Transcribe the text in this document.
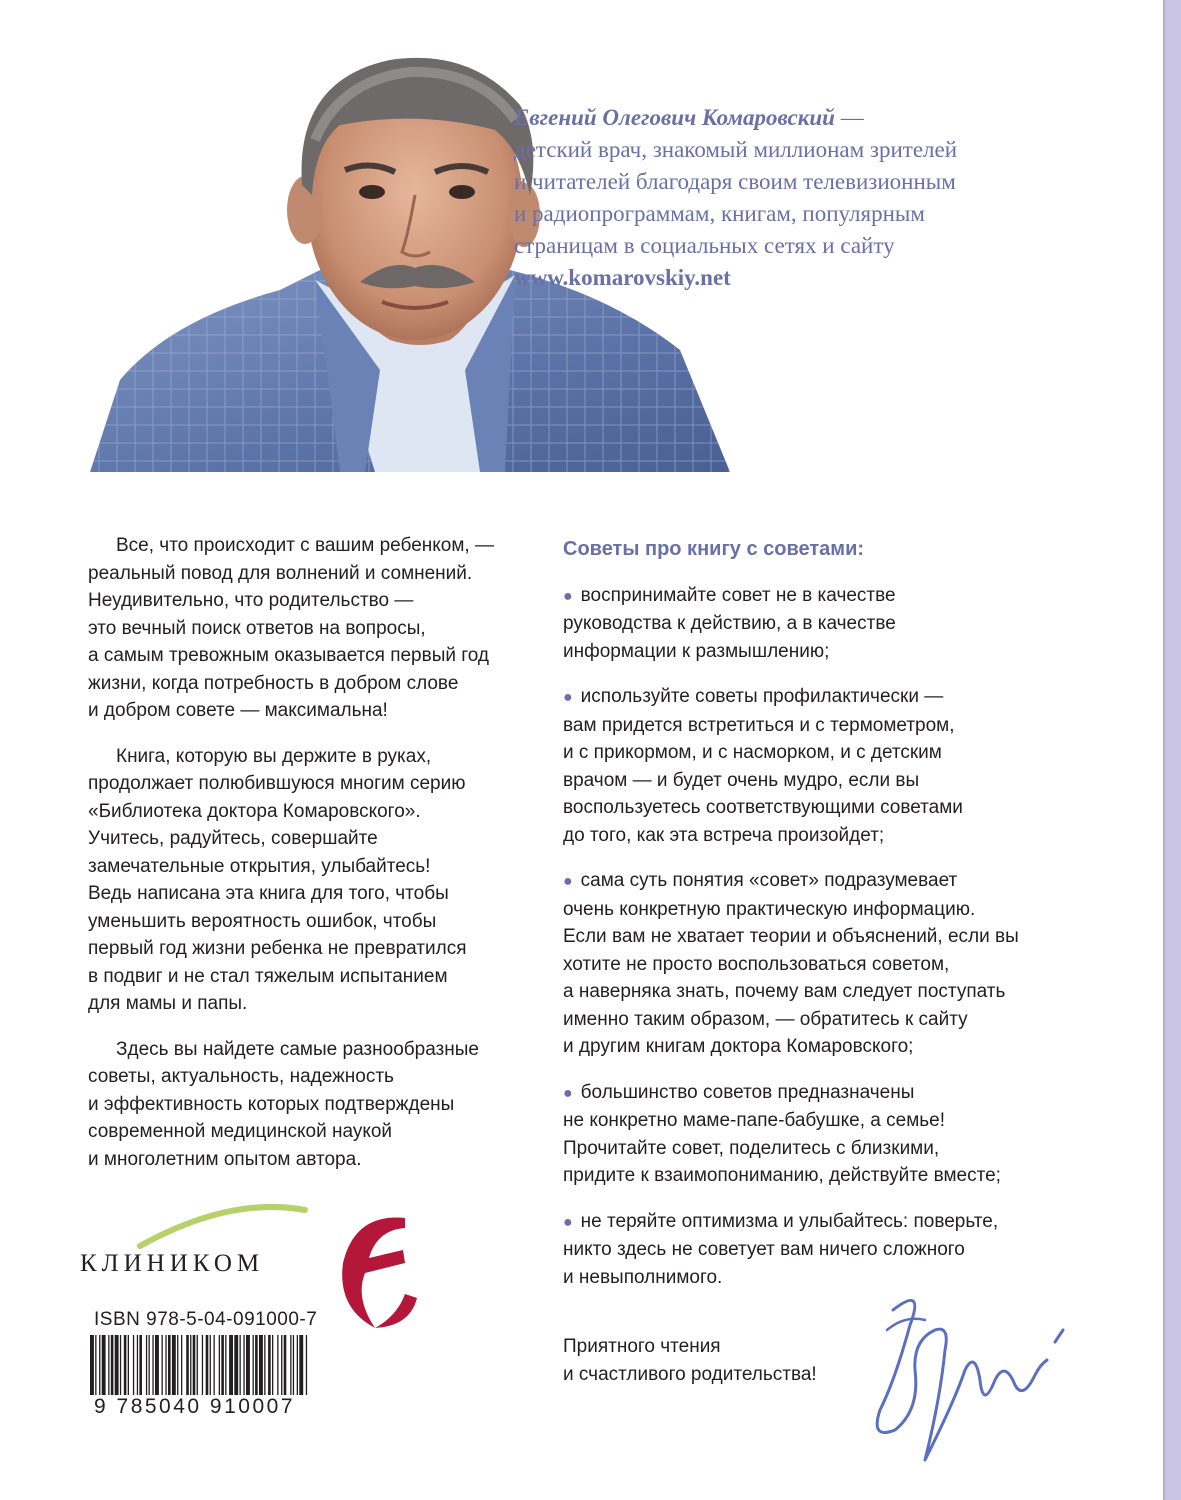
Евгений Олегович Комаровский —
детский врач, знакомый миллионам зрителей
и читателей благодаря своим телевизионным
и радиопрограммам, книгам, популярным
страницам в социальных сетях и сайту
www.komarovskiy.net

Все, что происходит с вашим ребенком, —
реальный повод для волнений и сомнений.
Неудивительно, что родительство —
это вечный поиск ответов на вопросы,
а самым тревожным оказывается первый год
жизни, когда потребность в добром слове
и добром совете — максимальна!

Книга, которую вы держите в руках,
продолжает полюбившуюся многим серию
«Библиотека доктора Комаровского».
Учитесь, радуйтесь, совершайте
замечательные открытия, улыбайтесь!
Ведь написана эта книга для того, чтобы
уменьшить вероятность ошибок, чтобы
первый год жизни ребенка не превратился
в подвиг и не стал тяжелым испытанием
для мамы и папы.

Здесь вы найдете самые разнообразные
советы, актуальность, надежность
и эффективность которых подтверждены
современной медицинской наукой
и многолетним опытом автора.

Советы про книгу с советами:
● воспринимайте совет не в качестве
руководства к действию, а в качестве
информации к размышлению;
● используйте советы профилактически —
вам придется встретиться и с термометром,
и с прикормом, и с насморком, и с детским
врачом — и будет очень мудро, если вы
воспользуетесь соответствующими советами
до того, как эта встреча произойдет;
● сама суть понятия «совет» подразумевает
очень конкретную практическую информацию.
Если вам не хватает теории и объяснений, если вы
хотите не просто воспользоваться советом,
а наверняка знать, почему вам следует поступать
именно таким образом, — обратитесь к сайту
и другим книгам доктора Комаровского;
● большинство советов предназначены
не конкретно маме-папе-бабушке, а семье!
Прочитайте совет, поделитесь с близкими,
придите к взаимопониманию, действуйте вместе;
● не теряйте оптимизма и улыбайтесь: поверьте,
никто здесь не советует вам ничего сложного
и невыполнимого.
Приятного чтения
и счастливого родительства!
КЛИНИКОМ
ISBN 978-5-04-091000-7
9 785040 910007
